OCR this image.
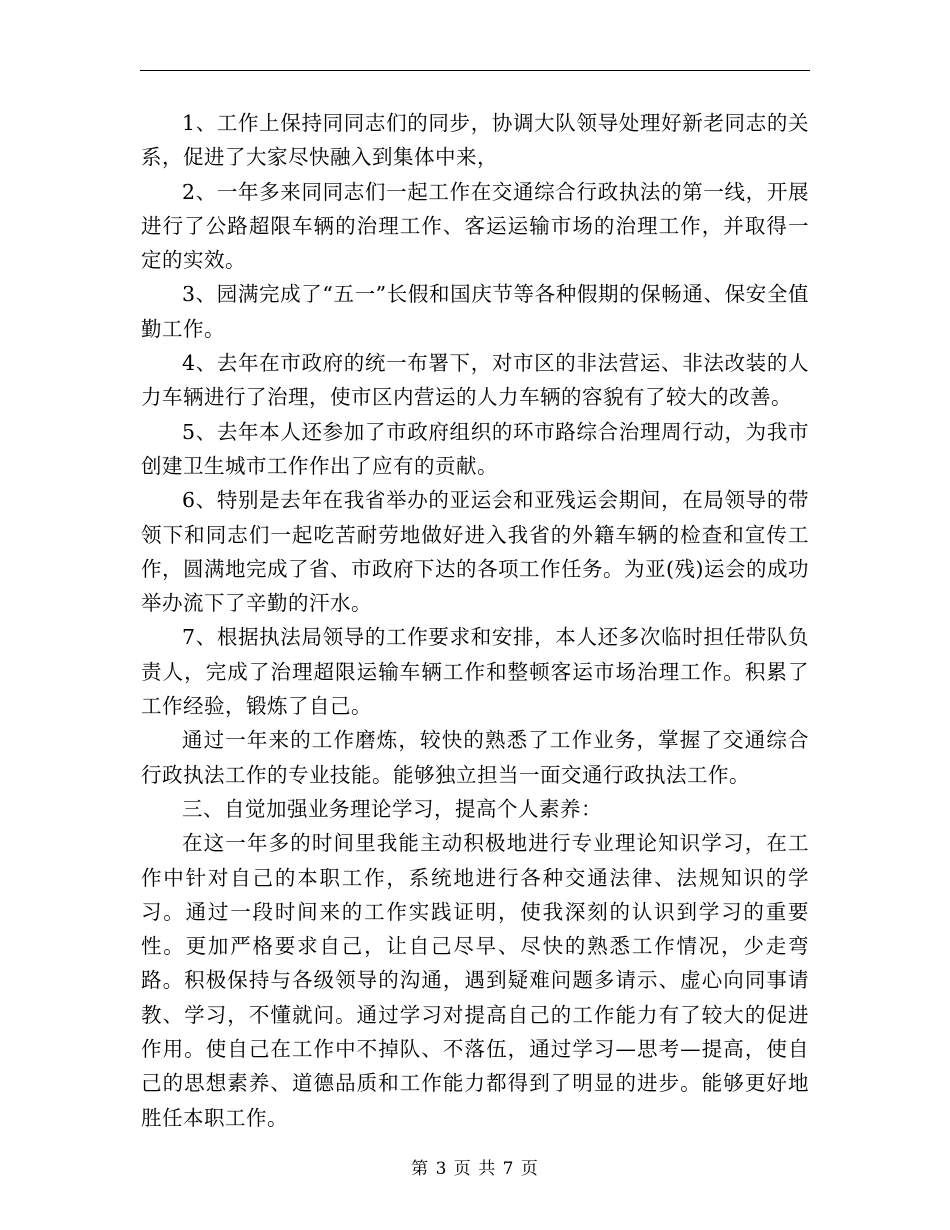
1、工作上保持同同志们的同步，协调大队领导处理好新老同志的关系，促进了大家尽快融入到集体中来，

2、一年多来同同志们一起工作在交通综合行政执法的第一线，开展进行了公路超限车辆的治理工作、客运运输市场的治理工作，并取得一定的实效。

3、园满完成了“五一”长假和国庆节等各种假期的保畅通、保安全值勤工作。

4、去年在市政府的统一布署下，对市区的非法营运、非法改装的人力车辆进行了治理，使市区内营运的人力车辆的容貌有了较大的改善。

5、去年本人还参加了市政府组织的环市路综合治理周行动，为我市创建卫生城市工作作出了应有的贡献。

6、特别是去年在我省举办的亚运会和亚残运会期间，在局领导的带领下和同志们一起吃苦耐劳地做好进入我省的外籍车辆的检查和宣传工作，圆满地完成了省、市政府下达的各项工作任务。为亚(残)运会的成功举办流下了辛勤的汗水。

7、根据执法局领导的工作要求和安排，本人还多次临时担任带队负责人，完成了治理超限运输车辆工作和整顿客运市场治理工作。积累了工作经验，锻炼了自己。

通过一年来的工作磨炼，较快的熟悉了工作业务，掌握了交通综合行政执法工作的专业技能。能够独立担当一面交通行政执法工作。

三、自觉加强业务理论学习，提高个人素养：

在这一年多的时间里我能主动积极地进行专业理论知识学习，在工作中针对自己的本职工作，系统地进行各种交通法律、法规知识的学习。通过一段时间来的工作实践证明，使我深刻的认识到学习的重要性。更加严格要求自己，让自己尽早、尽快的熟悉工作情况，少走弯路。积极保持与各级领导的沟通，遇到疑难问题多请示、虚心向同事请教、学习，不懂就问。通过学习对提高自己的工作能力有了较大的促进作用。使自己在工作中不掉队、不落伍，通过学习—思考—提高，使自己的思想素养、道德品质和工作能力都得到了明显的进步。能够更好地胜任本职工作。

第 3 页 共 7 页
